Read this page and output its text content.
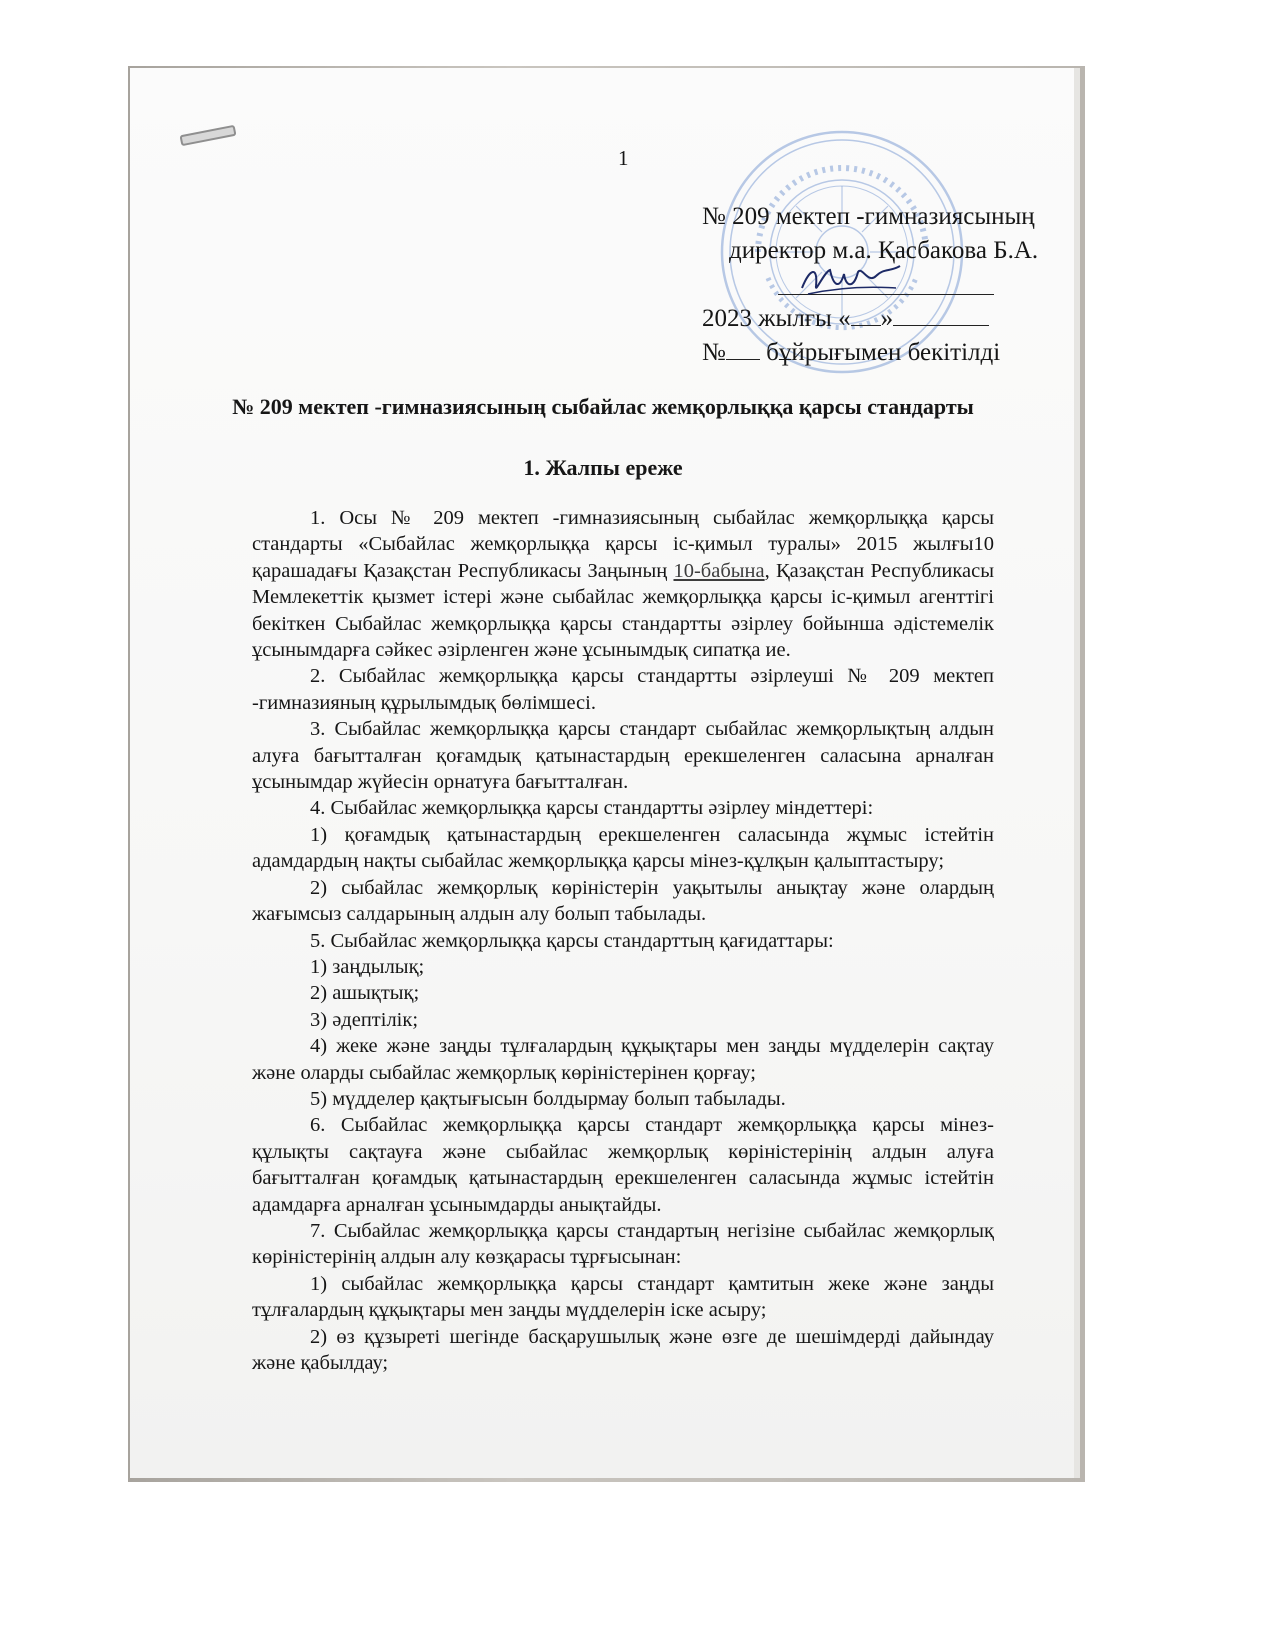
1
№ 209 мектеп -гимназиясының
директор м.а. Қасбакова Б.А.
2023 жылғы « »
№ бұйрығымен бекітілді
№ 209 мектеп -гимназиясының сыбайлас жемқорлыққа қарсы стандарты
1. Жалпы ереже

1. Осы № 209 мектеп -гимназиясының сыбайлас жемқорлыққа қарсы стандарты «Сыбайлас жемқорлыққа қарсы іс-қимыл туралы» 2015 жылғы10 қарашадағы Қазақстан Республикасы Заңының 10-бабына, Қазақстан Республикасы Мемлекеттік қызмет істері және сыбайлас жемқорлыққа қарсы іс-қимыл агенттігі бекіткен Сыбайлас жемқорлыққа қарсы стандартты әзірлеу бойынша әдістемелік ұсынымдарға сәйкес әзірленген және ұсынымдық сипатқа ие.

2. Сыбайлас жемқорлыққа қарсы стандартты әзірлеуші № 209 мектеп -гимназияның құрылымдық бөлімшесі.

3. Сыбайлас жемқорлыққа қарсы стандарт сыбайлас жемқорлықтың алдын алуға бағытталған қоғамдық қатынастардың ерекшеленген саласына арналған ұсынымдар жүйесін орнатуға бағытталған.

4. Сыбайлас жемқорлыққа қарсы стандартты әзірлеу міндеттері:

1) қоғамдық қатынастардың ерекшеленген саласында жұмыс істейтін адамдардың нақты сыбайлас жемқорлыққа қарсы мінез-құлқын қалыптастыру;

2) сыбайлас жемқорлық көріністерін уақытылы анықтау және олардың жағымсыз салдарының алдын алу болып табылады.

5. Сыбайлас жемқорлыққа қарсы стандарттың қағидаттары:

1) заңдылық;

2) ашықтық;

3) әдептілік;

4) жеке және заңды тұлғалардың құқықтары мен заңды мүдделерін сақтау және оларды сыбайлас жемқорлық көріністерінен қорғау;

5) мүдделер қақтығысын болдырмау болып табылады.

6. Сыбайлас жемқорлыққа қарсы стандарт жемқорлыққа қарсы мінез-құлықты сақтауға және сыбайлас жемқорлық көріністерінің алдын алуға бағытталған қоғамдық қатынастардың ерекшеленген саласында жұмыс істейтін адамдарға арналған ұсынымдарды анықтайды.

7. Сыбайлас жемқорлыққа қарсы стандартың негізіне сыбайлас жемқорлық көріністерінің алдын алу көзқарасы тұрғысынан:

1) сыбайлас жемқорлыққа қарсы стандарт қамтитын жеке және заңды тұлғалардың құқықтары мен заңды мүдделерін іске асыру;

2) өз құзыреті шегінде басқарушылық және өзге де шешімдерді дайындау және қабылдау;
